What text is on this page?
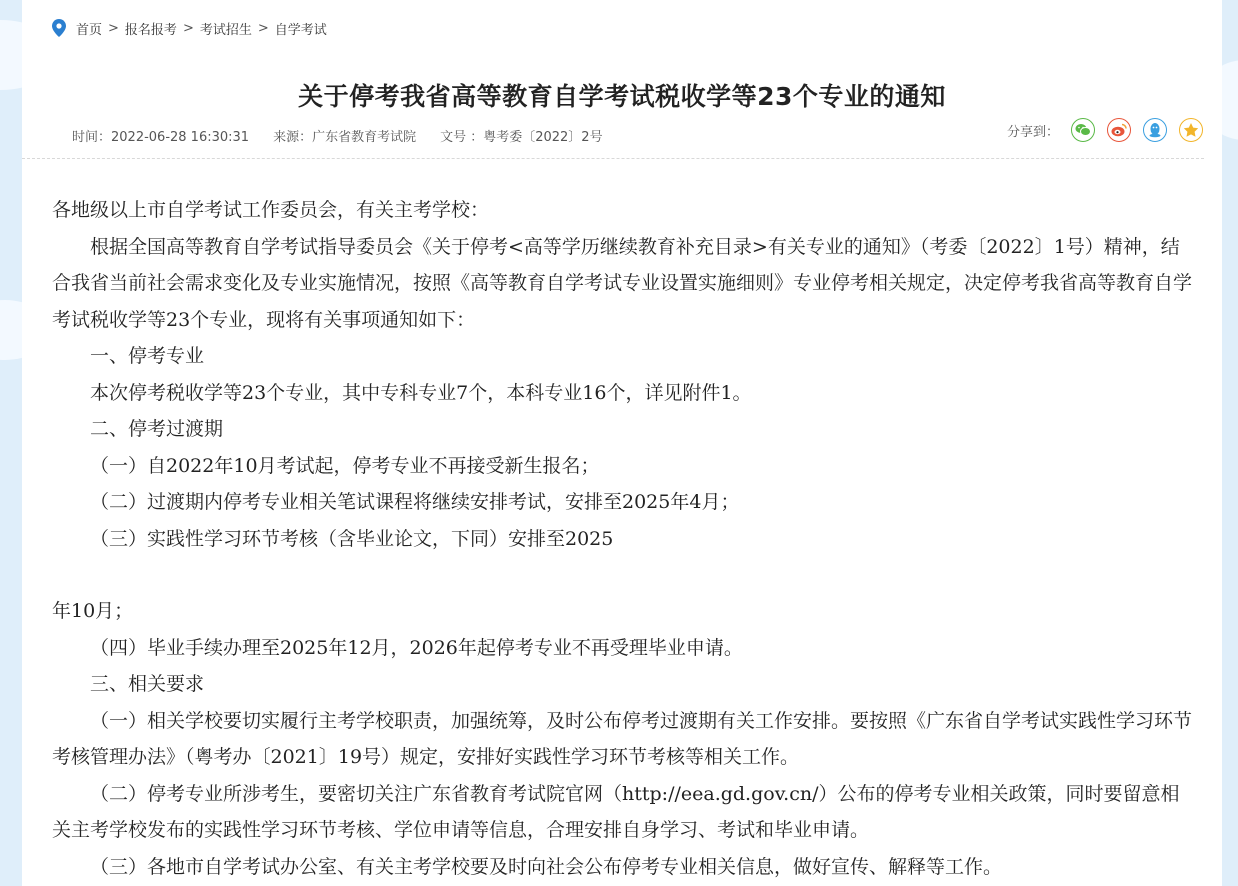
首页 > 报名报考 > 考试招生 > 自学考试
关于停考我省高等教育自学考试税收学等23个专业的通知
时间：2022-06-28 16:30:31 来源：广东省教育考试院 文号 ：粤考委〔2022〕2号	分享到：

各地级以上市自学考试工作委员会，有关主考学校：

根据全国高等教育自学考试指导委员会《关于停考<高等学历继续教育补充目录>有关专业的通知》（考委〔2022〕1号）精神，结合我省当前社会需求变化及专业实施情况，按照《高等教育自学考试专业设置实施细则》专业停考相关规定，决定停考我省高等教育自学考试税收学等23个专业，现将有关事项通知如下：

一、停考专业

本次停考税收学等23个专业，其中专科专业7个，本科专业16个，详见附件1。

二、停考过渡期

（一）自2022年10月考试起，停考专业不再接受新生报名；

（二）过渡期内停考专业相关笔试课程将继续安排考试，安排至2025年4月；

（三）实践性学习环节考核（含毕业论文，下同）安排至2025

年10月；

（四）毕业手续办理至2025年12月，2026年起停考专业不再受理毕业申请。

三、相关要求

（一）相关学校要切实履行主考学校职责，加强统筹，及时公布停考过渡期有关工作安排。要按照《广东省自学考试实践性学习环节考核管理办法》（粤考办〔2021〕19号）规定，安排好实践性学习环节考核等相关工作。

（二）停考专业所涉考生，要密切关注广东省教育考试院官网（http://eea.gd.gov.cn/）公布的停考专业相关政策，同时要留意相关主考学校发布的实践性学习环节考核、学位申请等信息，合理安排自身学习、考试和毕业申请。

（三）各地市自学考试办公室、有关主考学校要及时向社会公布停考专业相关信息，做好宣传、解释等工作。
